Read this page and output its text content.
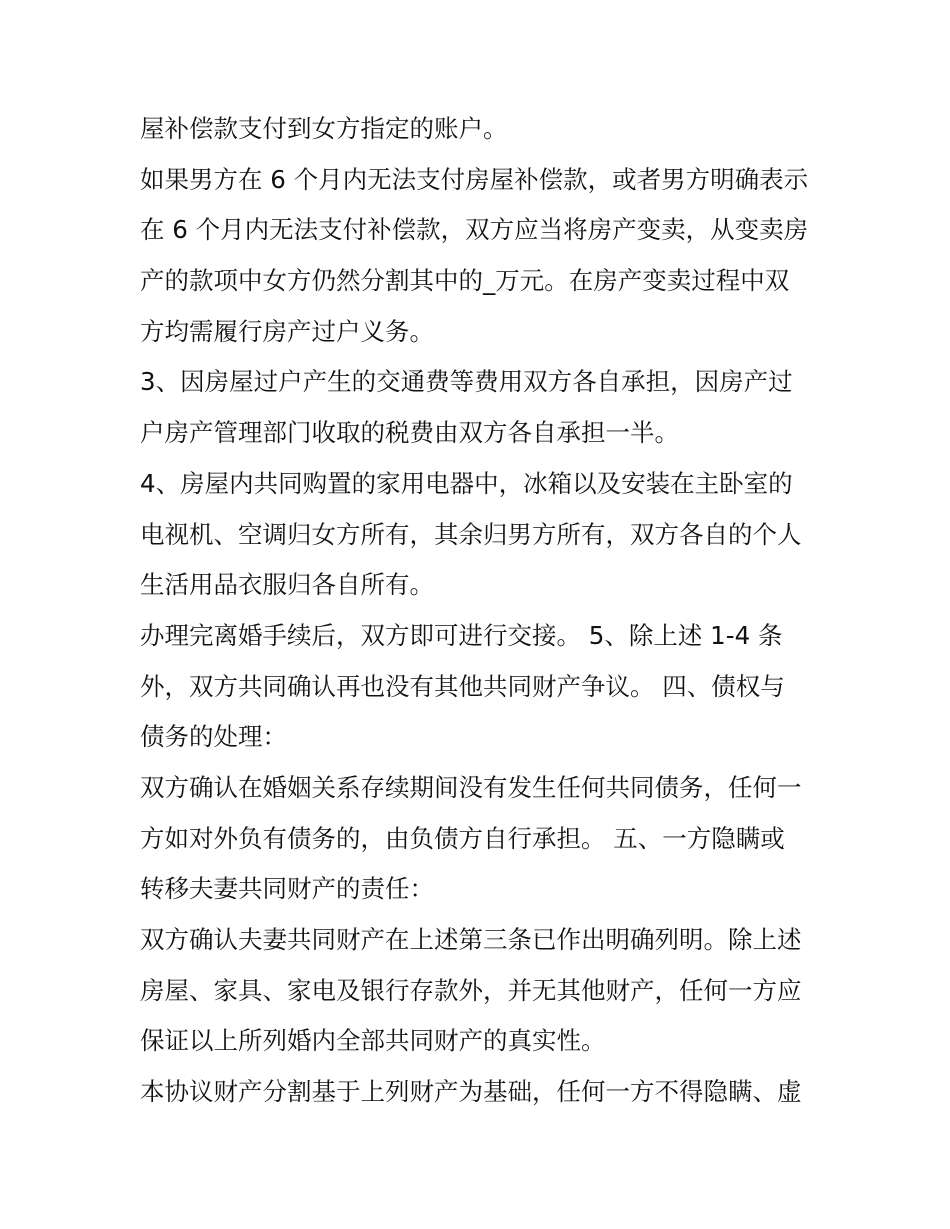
屋补偿款支付到女方指定的账户。
如果男方在 6 个月内无法支付房屋补偿款，或者男方明确表示
在 6 个月内无法支付补偿款，双方应当将房产变卖，从变卖房
产的款项中女方仍然分割其中的_万元。在房产变卖过程中双
方均需履行房产过户义务。
3、因房屋过户产生的交通费等费用双方各自承担，因房产过
户房产管理部门收取的税费由双方各自承担一半。
4、房屋内共同购置的家用电器中，冰箱以及安装在主卧室的
电视机、空调归女方所有，其余归男方所有，双方各自的个人
生活用品衣服归各自所有。
办理完离婚手续后，双方即可进行交接。 5、除上述 1-4 条
外，双方共同确认再也没有其他共同财产争议。 四、债权与
债务的处理：
双方确认在婚姻关系存续期间没有发生任何共同债务，任何一
方如对外负有债务的，由负债方自行承担。 五、一方隐瞒或
转移夫妻共同财产的责任：
双方确认夫妻共同财产在上述第三条已作出明确列明。除上述
房屋、家具、家电及银行存款外，并无其他财产，任何一方应
保证以上所列婚内全部共同财产的真实性。
本协议财产分割基于上列财产为基础，任何一方不得隐瞒、虚
